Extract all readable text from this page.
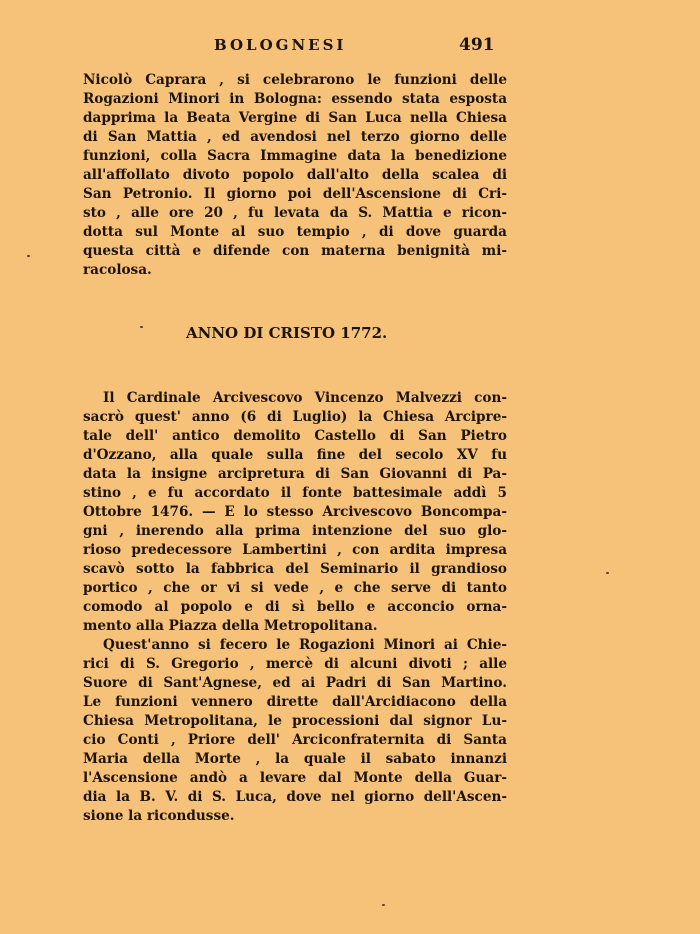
BOLOGNESI	491
Nicolò Caprara , si celebrarono le funzioni delle
Rogazioni Minori in Bologna: essendo stata esposta
dapprima la Beata Vergine di San Luca nella Chiesa
di San Mattia , ed avendosi nel terzo giorno delle
funzioni, colla Sacra Immagine data la benedizione
all'affollato divoto popolo dall'alto della scalea di
San Petronio. Il giorno poi dell'Ascensione di Cri-
sto , alle ore 20 , fu levata da S. Mattia e ricon-
dotta sul Monte al suo tempio , di dove guarda
questa città e difende con materna benignità mi-
racolosa.
ANNO DI CRISTO 1772.
Il Cardinale Arcivescovo Vincenzo Malvezzi con-
sacrò quest' anno (6 di Luglio) la Chiesa Arcipre-
tale dell' antico demolito Castello di San Pietro
d'Ozzano, alla quale sulla fine del secolo XV fu
data la insigne arcipretura di San Giovanni di Pa-
stino , e fu accordato il fonte battesimale addì 5
Ottobre 1476. — E lo stesso Arcivescovo Boncompa-
gni , inerendo alla prima intenzione del suo glo-
rioso predecessore Lambertini , con ardita impresa
scavò sotto la fabbrica del Seminario il grandioso
portico , che or vi si vede , e che serve di tanto
comodo al popolo e di sì bello e acconcio orna-
mento alla Piazza della Metropolitana.
Quest'anno si fecero le Rogazioni Minori ai Chie-
rici di S. Gregorio , mercè di alcuni divoti ; alle
Suore di Sant'Agnese, ed ai Padri di San Martino.
Le funzioni vennero dirette dall'Arcidiacono della
Chiesa Metropolitana, le processioni dal signor Lu-
cio Conti , Priore dell' Arciconfraternita di Santa
Maria della Morte , la quale il sabato innanzi
l'Ascensione andò a levare dal Monte della Guar-
dia la B. V. di S. Luca, dove nel giorno dell'Ascen-
sione la ricondusse.
